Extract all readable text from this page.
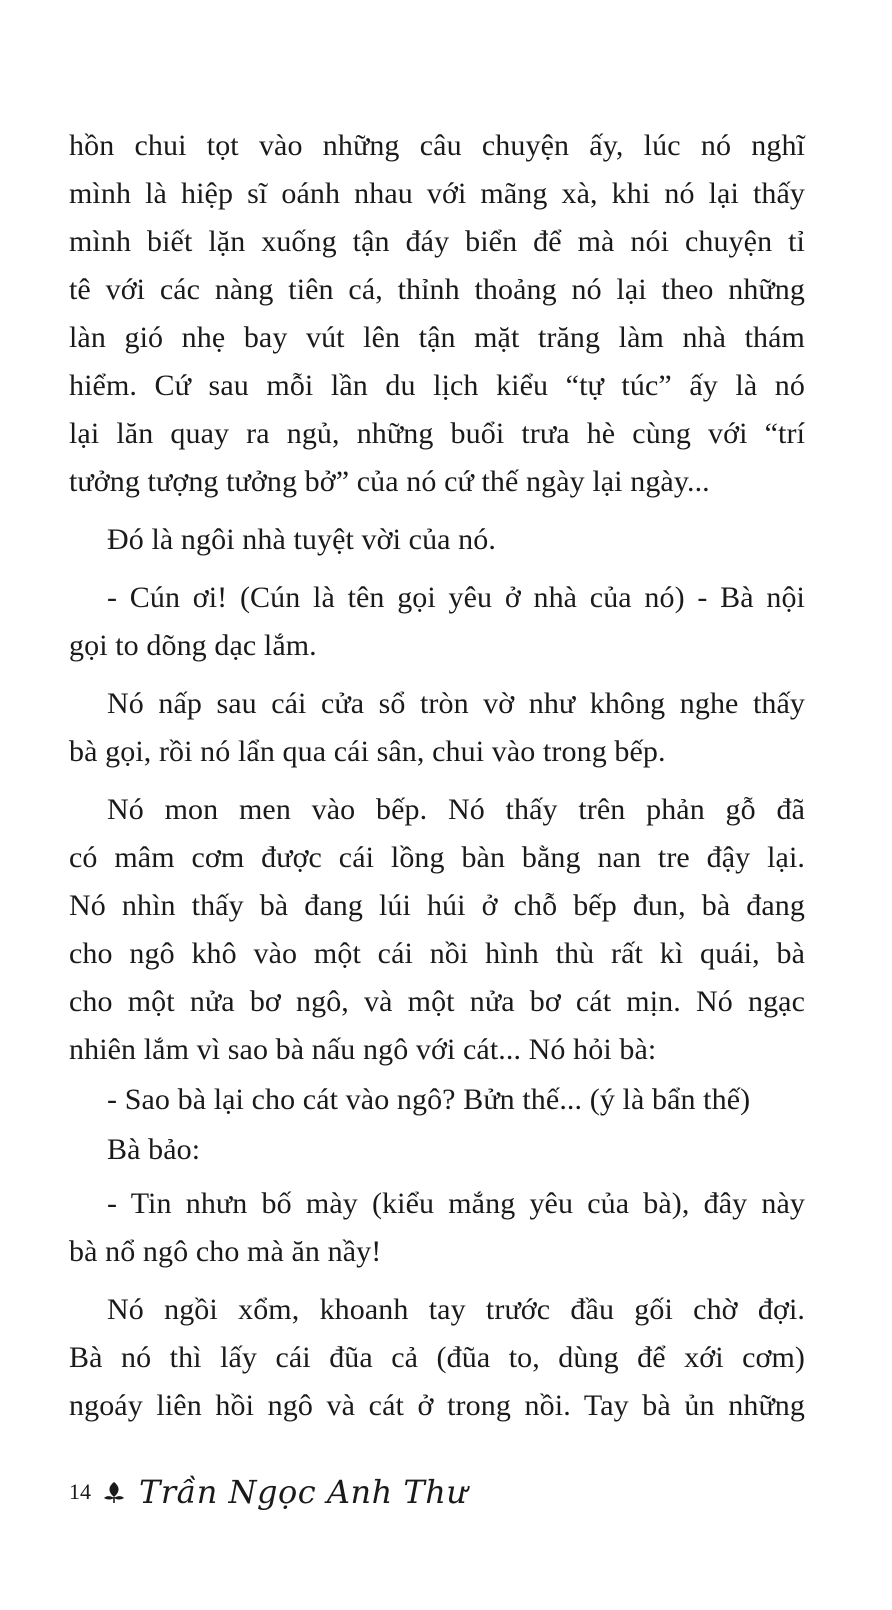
hồn chui tọt vào những câu chuyện ấy, lúc nó nghĩ
mình là hiệp sĩ oánh nhau với mãng xà, khi nó lại thấy
mình biết lặn xuống tận đáy biển để mà nói chuyện tỉ
tê với các nàng tiên cá, thỉnh thoảng nó lại theo những
làn gió nhẹ bay vút lên tận mặt trăng làm nhà thám
hiểm. Cứ sau mỗi lần du lịch kiểu “tự túc” ấy là nó
lại lăn quay ra ngủ, những buổi trưa hè cùng với “trí
tưởng tượng tưởng bở” của nó cứ thế ngày lại ngày...
Đó là ngôi nhà tuyệt vời của nó.
- Cún ơi! (Cún là tên gọi yêu ở nhà của nó) - Bà nội
gọi to dõng dạc lắm.
Nó nấp sau cái cửa sổ tròn vờ như không nghe thấy
bà gọi, rồi nó lẩn qua cái sân, chui vào trong bếp.
Nó mon men vào bếp. Nó thấy trên phản gỗ đã
có mâm cơm được cái lồng bàn bằng nan tre đậy lại.
Nó nhìn thấy bà đang lúi húi ở chỗ bếp đun, bà đang
cho ngô khô vào một cái nồi hình thù rất kì quái, bà
cho một nửa bơ ngô, và một nửa bơ cát mịn. Nó ngạc
nhiên lắm vì sao bà nấu ngô với cát... Nó hỏi bà:
- Sao bà lại cho cát vào ngô? Bửn thế... (ý là bẩn thế)
Bà bảo:
- Tin nhưn bố mày (kiểu mắng yêu của bà), đây này
bà nổ ngô cho mà ăn nầy!
Nó ngồi xổm, khoanh tay trước đầu gối chờ đợi.
Bà nó thì lấy cái đũa cả (đũa to, dùng để xới cơm)
ngoáy liên hồi ngô và cát ở trong nồi. Tay bà ủn những
14 Trần Ngọc Anh Thư
